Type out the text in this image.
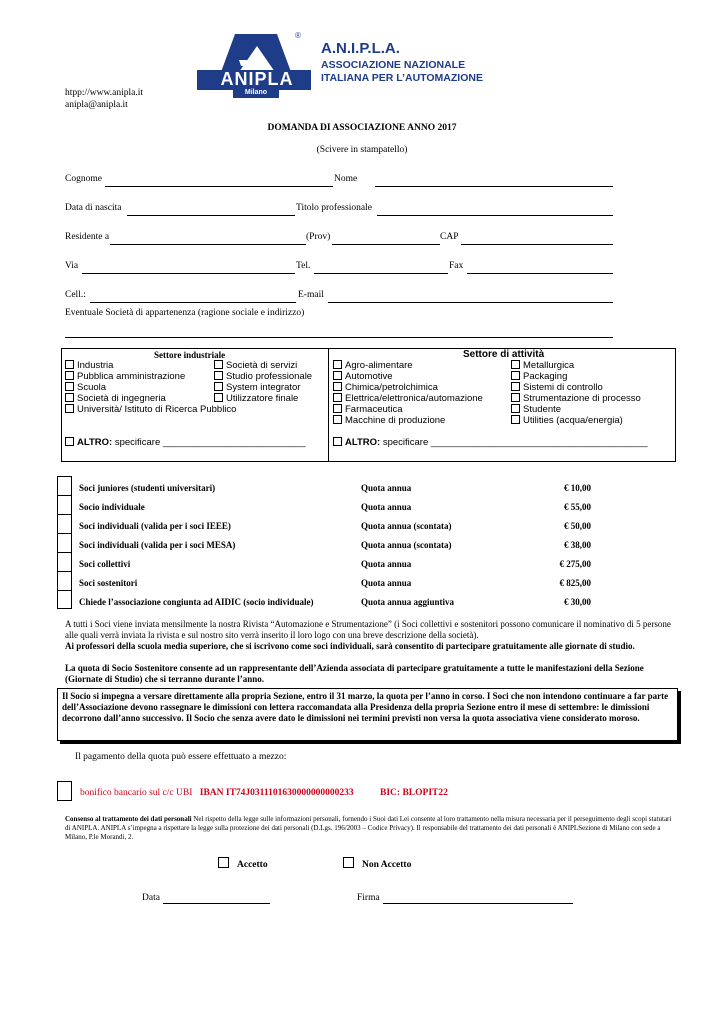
ANIPLA
Milano
®
A.N.I.P.L.A.
ASSOCIAZIONE NAZIONALE
ITALIANA PER L’AUTOMAZIONE
htpp://www.anipla.it
anipla@anipla.it
DOMANDA DI ASSOCIAZIONE ANNO 2017
(Scivere in stampatello)
Cognome	Nome
Data di nascita	Titolo professionale
Residente a	(Prov)	CAP
Via	Tel.	Fax
Cell.:	E-mail
Eventuale Società di appartenenza (ragione sociale e indirizzo)
Settore industriale	Settore di attività
Industria
Pubblica amministrazione
Scuola
Società di ingegneria
Università/ Istituto di Ricerca Pubblico
Società di servizi
Studio professionale
System integrator
Utilizzatore finale
Agro-alimentare
Automotive
Chimica/petrolchimica
Elettrica/elettronica/automazione
Farmaceutica
Macchine di produzione
Metallurgica
Packaging
Sistemi di controllo
Strumentazione di processo
Studente
Utilities (acqua/energia)
ALTRO: specificare ___________________________	ALTRO: specificare _________________________________________
Soci juniores (studenti universitari)	Quota annua	€ 10,00
Socio individuale	Quota annua	€ 55,00
Soci individuali (valida per i soci IEEE)	Quota annua (scontata)	€ 50,00
Soci individuali (valida per i soci MESA)	Quota annua (scontata)	€ 38,00
Soci collettivi	Quota annua	€ 275,00
Soci sostenitori	Quota annua	€ 825,00
Chiede l’associazione congiunta ad AIDIC (socio individuale)	Quota annua aggiuntiva	€ 30,00
A tutti i Soci viene inviata mensilmente la nostra Rivista “Automazione e Strumentazione” (i Soci collettivi e sostenitori possono comunicare il nominativo di 5 persone alle quali verrà inviata la rivista e sul nostro sito verrà inserito il loro logo con una breve descrizione della società).
Ai professori della scuola media superiore, che si iscrivono come soci individuali, sarà consentito di partecipare gratuitamente alle giornate di studio.
La quota di Socio Sostenitore consente ad un rappresentante dell’Azienda associata di partecipare gratuitamente a tutte le manifestazioni della Sezione (Giornate di Studio) che si terranno durante l’anno.
Il Socio si impegna a versare direttamente alla propria Sezione, entro il 31 marzo, la quota per l’anno in corso. I Soci che non intendono continuare a far parte dell’Associazione devono rassegnare le dimissioni con lettera raccomandata alla Presidenza della propria Sezione entro il mese di settembre: le dimissioni decorrono dall’anno successivo. Il Socio che senza avere dato le dimissioni nei termini previsti non versa la quota associativa viene considerato moroso.
Il pagamento della quota può essere effettuato a mezzo:
bonifico bancario sul c/c UBI IBAN IT74J0311101630000000000233	BIC: BLOPIT22
Consenso al trattamento dei dati personali Nel rispetto della legge sulle informazioni personali, fornendo i Suoi dati Lei consente al loro trattamento nella misura necessaria per il perseguimento degli scopi statutari di ANIPLA. ANIPLA s’impegna a rispettare la legge sulla protezione dei dati personali (D.Lgs. 196/2003 – Codice Privacy). Il responsabile del trattamento dei dati personali è ANIPLSezione di Milano con sede a Milano, P.le Morandi, 2.
Accetto	Non Accetto
Data	Firma
